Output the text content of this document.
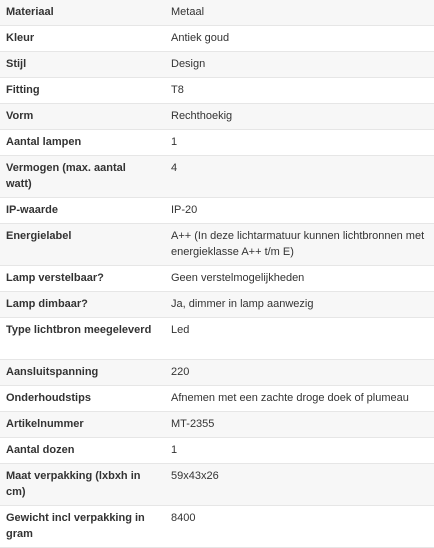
Materiaal	Metaal
Kleur	Antiek goud
Stijl	Design
Fitting	T8
Vorm	Rechthoekig
Aantal lampen	1
Vermogen (max. aantal watt)	4
IP-waarde	IP-20
Energielabel	A++ (In deze lichtarmatuur kunnen lichtbronnen met energieklasse A++ t/m E)
Lamp verstelbaar?	Geen verstelmogelijkheden
Lamp dimbaar?	Ja, dimmer in lamp aanwezig
Type lichtbron meegeleverd	Led
Aansluitspanning	220
Onderhoudstips	Afnemen met een zachte droge doek of plumeau
Artikelnummer	MT-2355
Aantal dozen	1
Maat verpakking (lxbxh in cm)	59x43x26
Gewicht incl verpakking in gram	8400
